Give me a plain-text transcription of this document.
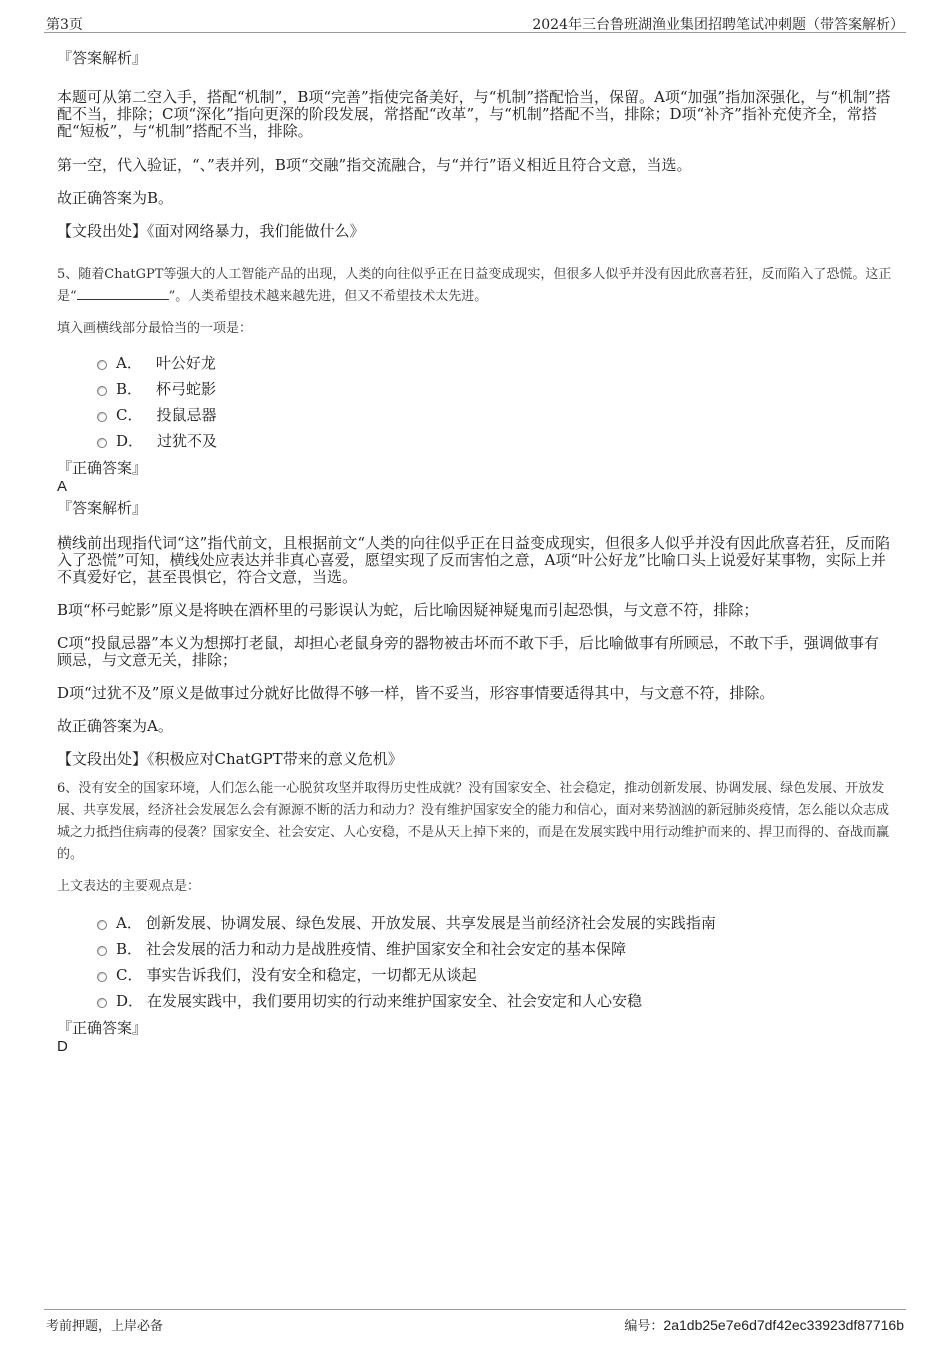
第3页	2024年三台鲁班湖渔业集团招聘笔试冲刺题（带答案解析）

『答案解析』

本题可从第二空入手，搭配“机制”，B项“完善”指使完备美好，与“机制”搭配恰当，保留。A项“加强”指加深强化，与“机制”搭配不当，排除；C项“深化”指向更深的阶段发展，常搭配“改革”，与“机制”搭配不当，排除；D项“补齐”指补充使齐全，常搭配“短板”，与“机制”搭配不当，排除。

第一空，代入验证，“、”表并列，B项“交融”指交流融合，与“并行”语义相近且符合文意，当选。

故正确答案为B。

【文段出处】《面对网络暴力，我们能做什么》

5、随着ChatGPT等强大的人工智能产品的出现，人类的向往似乎正在日益变成现实，但很多人似乎并没有因此欣喜若狂，反而陷入了恐慌。这正是“	”。人类希望技术越来越先进，但又不希望技术太先进。

填入画横线部分最恰当的一项是：

A． 叶公好龙
B． 杯弓蛇影
C． 投鼠忌器
D． 过犹不及

『正确答案』

A

『答案解析』

横线前出现指代词“这”指代前文，且根据前文“人类的向往似乎正在日益变成现实，但很多人似乎并没有因此欣喜若狂，反而陷入了恐慌”可知，横线处应表达并非真心喜爱，愿望实现了反而害怕之意，A项“叶公好龙”比喻口头上说爱好某事物，实际上并不真爱好它，甚至畏惧它，符合文意，当选。

B项“杯弓蛇影”原义是将映在酒杯里的弓影误认为蛇，后比喻因疑神疑鬼而引起恐惧，与文意不符，排除；

C项“投鼠忌器”本义为想掷打老鼠，却担心老鼠身旁的器物被击坏而不敢下手，后比喻做事有所顾忌，不敢下手，强调做事有顾忌，与文意无关，排除；

D项“过犹不及”原义是做事过分就好比做得不够一样，皆不妥当，形容事情要适得其中，与文意不符，排除。

故正确答案为A。

【文段出处】《积极应对ChatGPT带来的意义危机》

6、没有安全的国家环境，人们怎么能一心脱贫攻坚并取得历史性成就？没有国家安全、社会稳定，推动创新发展、协调发展、绿色发展、开放发展、共享发展，经济社会发展怎么会有源源不断的活力和动力？没有维护国家安全的能力和信心，面对来势汹汹的新冠肺炎疫情，怎么能以众志成城之力抵挡住病毒的侵袭？国家安全、社会安定、人心安稳，不是从天上掉下来的，而是在发展实践中用行动维护而来的、捍卫而得的、奋战而赢的。

上文表达的主要观点是：

A． 创新发展、协调发展、绿色发展、开放发展、共享发展是当前经济社会发展的实践指南
B． 社会发展的活力和动力是战胜疫情、维护国家安全和社会安定的基本保障
C． 事实告诉我们，没有安全和稳定，一切都无从谈起
D． 在发展实践中，我们要用切实的行动来维护国家安全、社会安定和人心安稳

『正确答案』

D

考前押题，上岸必备	编号：2a1db25e7e6d7df42ec33923df87716b
